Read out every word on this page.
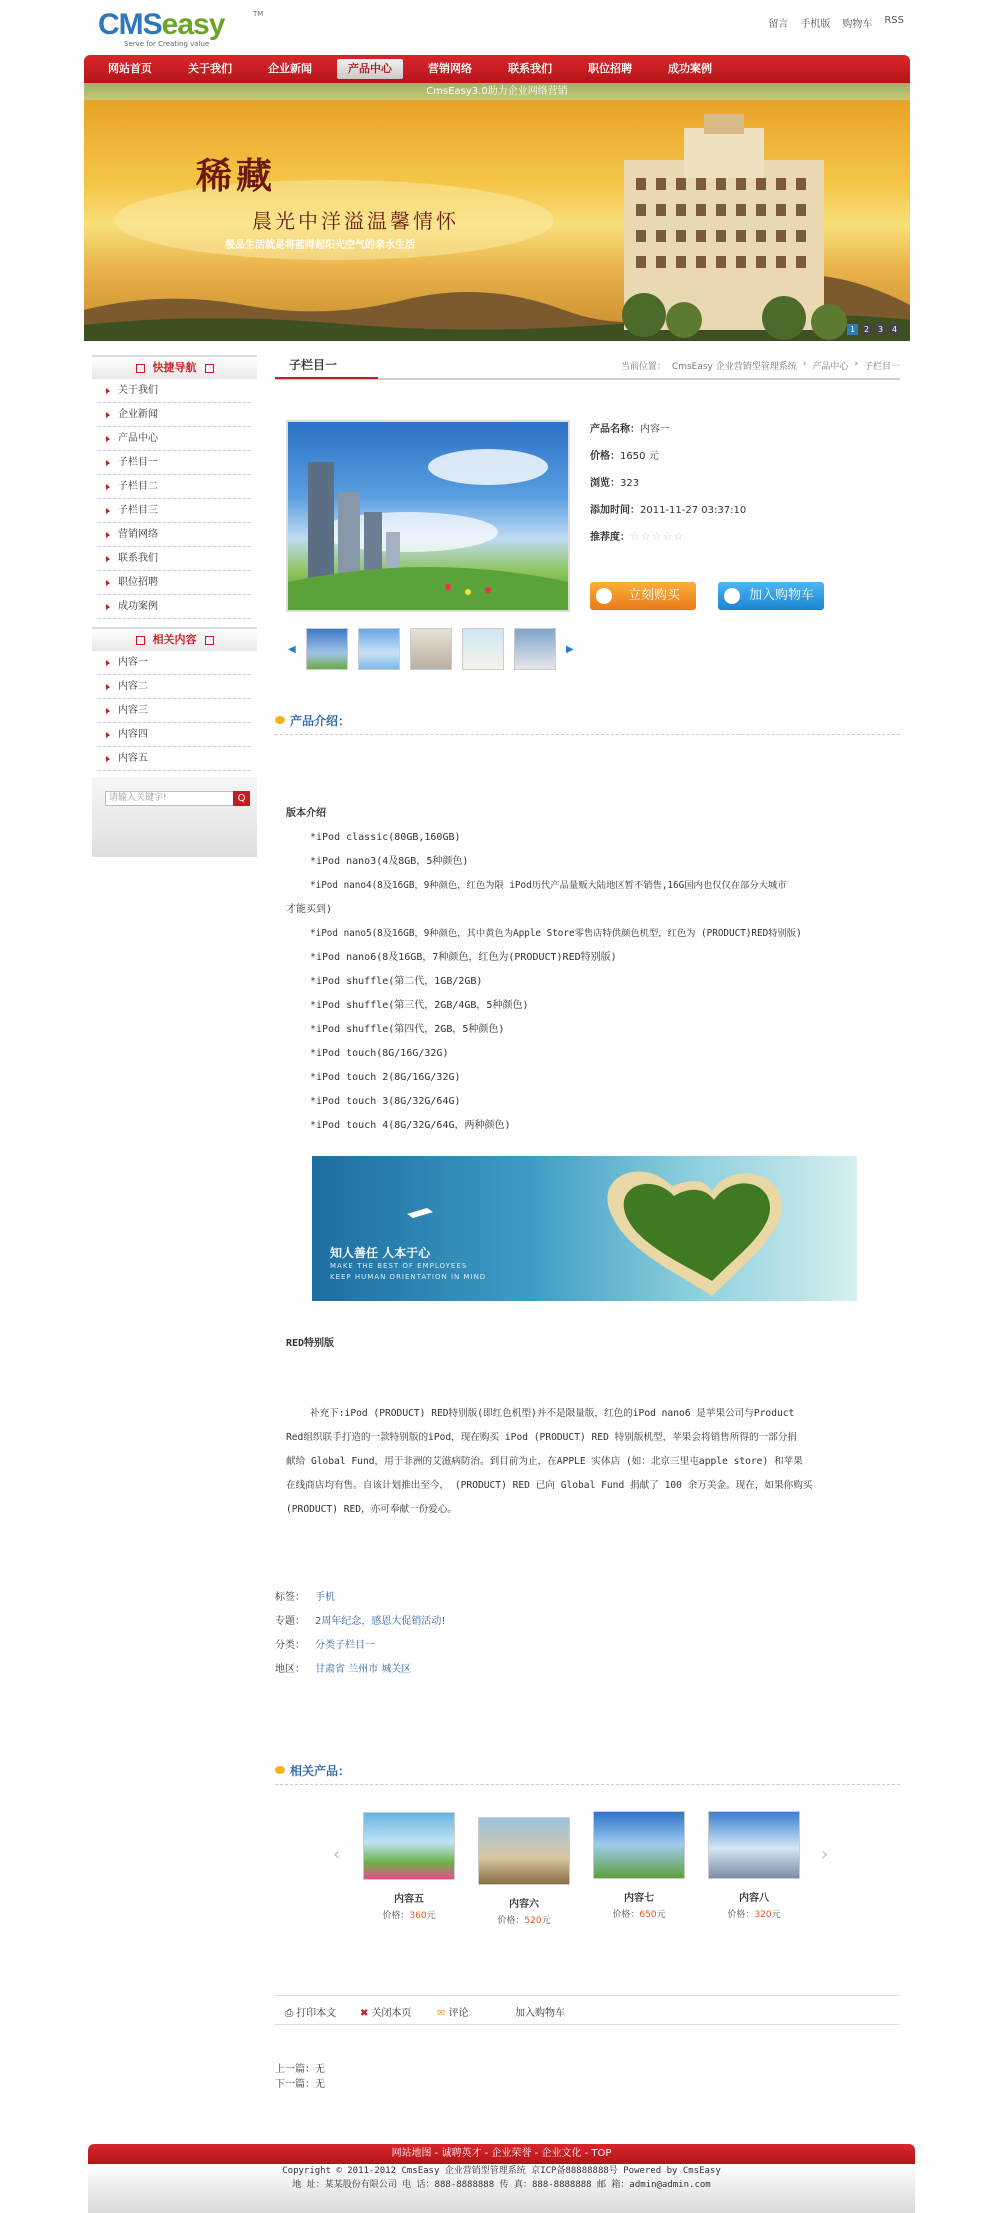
CMSeasy	TM
Serve for Creating value
留言 手机版 购物车 RSS
网站首页	关于我们	企业新闻	产品中心	营销网络	联系我们	职位招聘	成功案例
CmsEasy3.0助力企业网络营销
稀藏
晨光中洋溢温馨情怀
极品生活就是将蓝得起阳光空气的亲水生活
1	2	3	4
快捷导航
关于我们
企业新闻
产品中心
子栏目一
子栏目二
子栏目三
营销网络
联系我们
职位招聘
成功案例
相关内容
内容一
内容二
内容三
内容四
内容五
请输入关键字!	Q
子栏目一	当前位置： CmsEasy 企业营销型管理系统 › 产品中心 › 子栏目一
◀	▶
产品名称：内容一
价格：1650 元
浏览：323
添加时间：2011-11-27 03:37:10
推荐度：☆☆☆☆☆
立刻购买	加入购物车
产品介绍：
版本介绍
*iPod classic(80GB,160GB)
*iPod nano3(4及8GB，5种颜色)
*iPod nano4(8及16GB，9种颜色，红色为限 iPod历代产品量贩大陆地区暂不销售,16G国内也仅仅在部分大城市
才能买到)
*iPod nano5(8及16GB，9种颜色，其中黄色为Apple Store零售店特供颜色机型，红色为 (PRODUCT)RED特别版)
*iPod nano6(8及16GB，7种颜色，红色为(PRODUCT)RED特别版)
*iPod shuffle(第二代，1GB/2GB)
*iPod shuffle(第三代，2GB/4GB，5种颜色)
*iPod shuffle(第四代，2GB，5种颜色)
*iPod touch(8G/16G/32G)
*iPod touch 2(8G/16G/32G)
*iPod touch 3(8G/32G/64G)
*iPod touch 4(8G/32G/64G，两种颜色)
知人善任 人本于心
MAKE THE BEST OF EMPLOYEES
KEEP HUMAN ORIENTATION IN MIND
RED特别版
补充下:iPod (PRODUCT) RED特别版(即红色机型)并不是限量版，红色的iPod nano6 是苹果公司与Product
Red组织联手打造的一款特别版的iPod，现在购买 iPod (PRODUCT) RED 特别版机型，苹果会将销售所得的一部分捐
献给 Global Fund，用于非洲的艾滋病防治。到目前为止，在APPLE 实体店 (如：北京三里屯apple store) 和苹果
在线商店均有售。自该计划推出至今， (PRODUCT) RED 已向 Global Fund 捐献了 100 余万美金。现在，如果你购买
(PRODUCT) RED，亦可奉献一份爱心。
标签： 手机
专题： 2周年纪念，感恩大促销活动!
分类： 分类子栏目一
地区： 甘肃省 兰州市 城关区
相关产品：
‹
内容五
价格：360元
内容六
价格：520元
内容七
价格：650元
内容八
价格：320元
›
⎙ 打印本文 ✖ 关闭本页	✉ 评论	加入购物车
上一篇：无
下一篇：无
网站地图 - 诚聘英才 - 企业荣誉 - 企业文化 - TOP
Copyright © 2011-2012 CmsEasy 企业营销型管理系统 京ICP备88888888号 Powered by CmsEasy
地 址：某某股份有限公司 电 话：888-8888888 传 真：888-8888888 邮 箱：admin@admin.com
